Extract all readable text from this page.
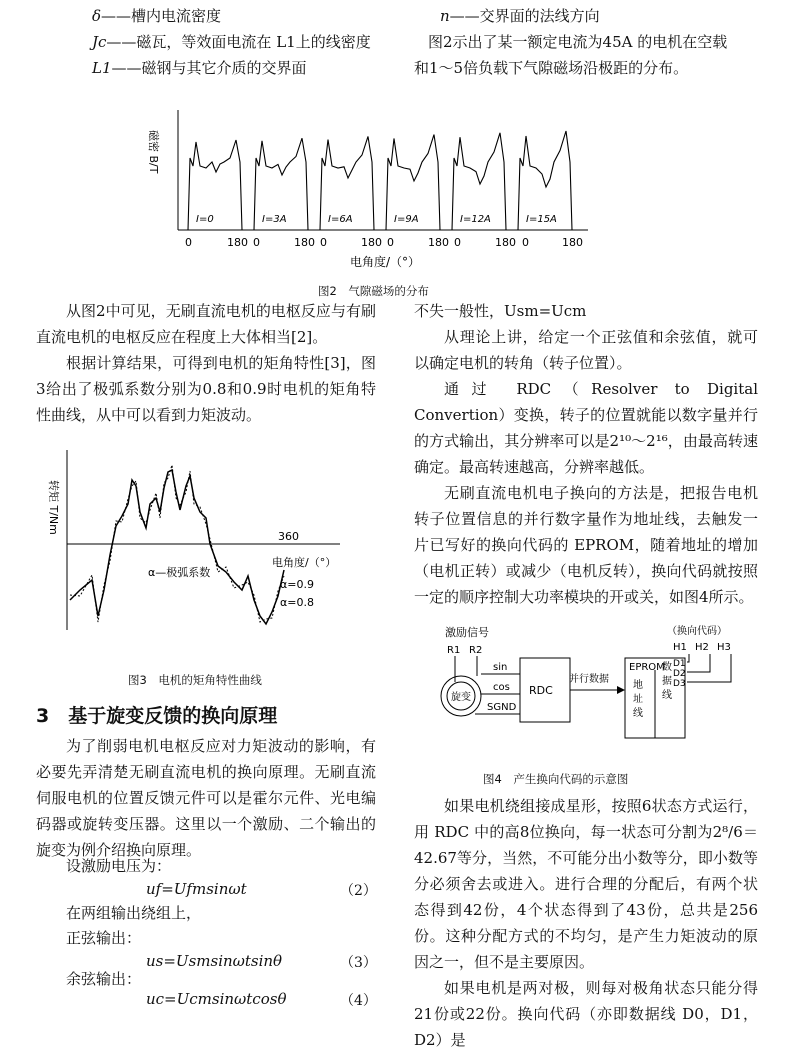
δ——槽内电流密度
Jc——磁瓦，等效面电流在 L1上的线密度
L1——磁钢与其它介质的交界面
n——交界面的法线方向
图2示出了某一额定电流为45A 的电机在空载
和1～5倍负载下气隙磁场沿极距的分布。
磁密 B/T
I=0	I=3A	I=6A	I=9A	I=12A	I=15A
0	180 0	180 0	180 0	180 0	180 0	180
电角度/（°）
图2　气隙磁场的分布

从图2中可见，无刷直流电机的电枢反应与有刷直流电机的电枢反应在程度上大体相当[2]。

根据计算结果，可得到电机的矩角特性[3]，图3给出了极弧系数分别为0.8和0.9时电机的矩角特性曲线，从中可以看到力矩波动。

转矩 T/Nm
360
电角度/（°）
α—极弧系数
α=0.9
α=0.8
图3　电机的矩角特性曲线
3　基于旋变反馈的换向原理

为了削弱电机电枢反应对力矩波动的影响，有必要先弄清楚无刷直流电机的换向原理。无刷直流伺服电机的位置反馈元件可以是霍尔元件、光电编码器或旋转变压器。这里以一个激励、二个输出的旋变为例介绍换向原理。

设激励电压为：
uf=Ufmsinωt	（2）
在两组输出绕组上，
正弦输出：
us=Usmsinωtsinθ	（3）
余弦输出：
uc=Ucmsinωtcosθ	（4）

不失一般性，Usm=Ucm

从理论上讲，给定一个正弦值和余弦值，就可以确定电机的转角（转子位置）。

通过 RDC（Resolver to Digital Convertion）变换，转子的位置就能以数字量并行的方式输出，其分辨率可以是2¹⁰～2¹⁶，由最高转速确定。最高转速越高，分辨率越低。

无刷直流电机电子换向的方法是，把报告电机转子位置信息的并行数字量作为地址线，去触发一片已写好的换向代码的 EPROM，随着地址的增加（电机正转）或减少（电机反转），换向代码就按照一定的顺序控制大功率模块的开或关，如图4所示。

激励信号
R1 R2
旋变
sin
cos
SGND
RDC
并行数据
EPROM
地
址
线
数
据
线
（换向代码）
H1 H2 H3
D1
D2
D3
图4　产生换向代码的示意图

如果电机绕组接成星形，按照6状态方式运行，用 RDC 中的高8位换向，每一状态可分割为2⁸/6＝42.67等分，当然，不可能分出小数等分，即小数等分必须舍去或进入。进行合理的分配后，有两个状态得到42份，4个状态得到了43份，总共是256份。这种分配方式的不均匀，是产生力矩波动的原因之一，但不是主要原因。

如果电机是两对极，则每对极角状态只能分得21份或22份。换向代码（亦即数据线 D0，D1，D2）是
